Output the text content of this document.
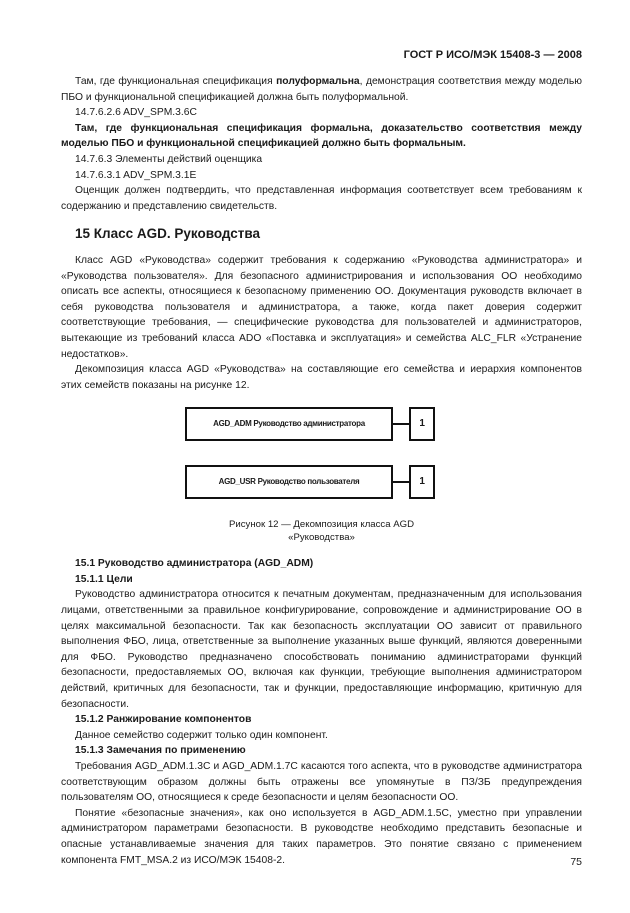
ГОСТ Р ИСО/МЭК 15408-3 — 2008

Там, где функциональная спецификация полуформальна, демонстрация соответствия между моделью ПБО и функциональной спецификацией должна быть полуформальной.

14.7.6.2.6 ADV_SPM.3.6C

Там, где функциональная спецификация формальна, доказательство соответствия между моделью ПБО и функциональной спецификацией должно быть формальным.

14.7.6.3 Элементы действий оценщика

14.7.6.3.1 ADV_SPM.3.1E

Оценщик должен подтвердить, что представленная информация соответствует всем требованиям к содержанию и представлению свидетельств.

15 Класс AGD. Руководства

Класс AGD «Руководства» содержит требования к содержанию «Руководства администратора» и «Руководства пользователя». Для безопасного администрирования и использования ОО необходимо описать все аспекты, относящиеся к безопасному применению ОО. Документация руководств включает в себя руководства пользователя и администратора, а также, когда пакет доверия содержит соответствующие требования, — специфические руководства для пользователей и администраторов, вытекающие из требований класса ADO «Поставка и эксплуатация» и семейства ALC_FLR «Устранение недостатков».

Декомпозиция класса AGD «Руководства» на составляющие его семейства и иерархия компонентов этих семейств показаны на рисунке 12.

AGD_ADM Руководство администратора	1
AGD_USR Руководство пользователя	1
Рисунок 12 — Декомпозиция класса AGD
«Руководства»

15.1 Руководство администратора (AGD_ADM)

15.1.1 Цели

Руководство администратора относится к печатным документам, предназначенным для использования лицами, ответственными за правильное конфигурирование, сопровождение и администрирование ОО в целях максимальной безопасности. Так как безопасность эксплуатации ОО зависит от правильного выполнения ФБО, лица, ответственные за выполнение указанных выше функций, являются доверенными для ФБО. Руководство предназначено способствовать пониманию администраторами функций безопасности, предоставляемых ОО, включая как функции, требующие выполнения администратором действий, критичных для безопасности, так и функции, предоставляющие информацию, критичную для безопасности.

15.1.2 Ранжирование компонентов

Данное семейство содержит только один компонент.

15.1.3 Замечания по применению

Требования AGD_ADM.1.3C и AGD_ADM.1.7C касаются того аспекта, что в руководстве администратора соответствующим образом должны быть отражены все упомянутые в ПЗ/ЗБ предупреждения пользователям ОО, относящиеся к среде безопасности и целям безопасности ОО.

Понятие «безопасные значения», как оно используется в AGD_ADM.1.5C, уместно при управлении администратором параметрами безопасности. В руководстве необходимо представить безопасные и опасные устанавливаемые значения для таких параметров. Это понятие связано с применением компонента FMT_MSA.2 из ИСО/МЭК 15408-2.	75
